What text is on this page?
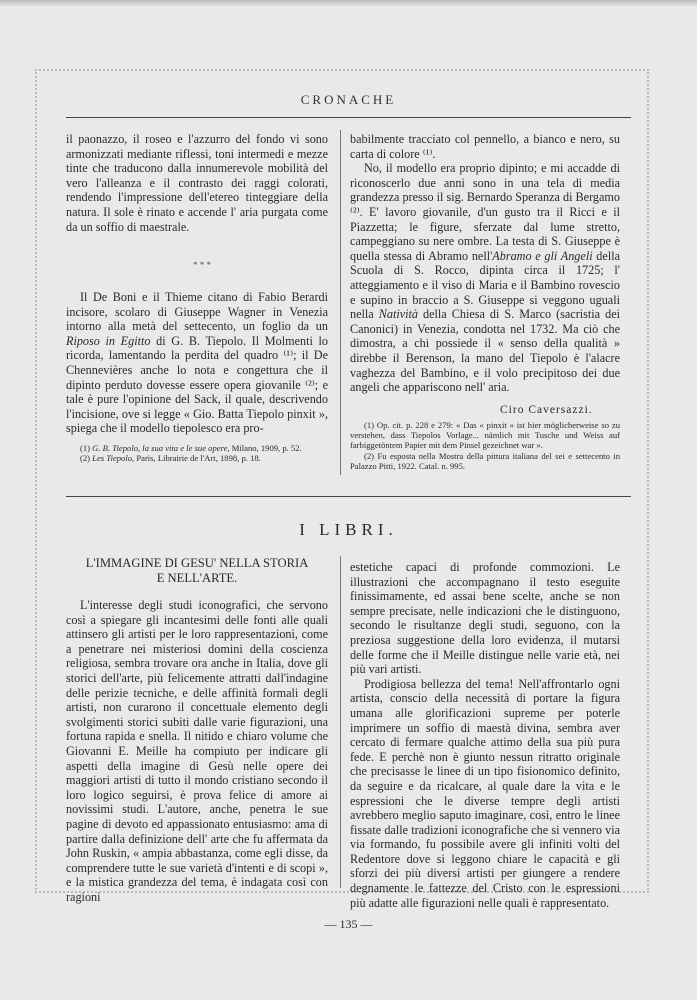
CRONACHE

il paonazzo, il roseo e l'azzurro del fondo vi sono armonizzati mediante riflessi, toni intermedi e mezze tinte che traducono dalla innumerevole mobilità del vero l'alleanza e il contrasto dei raggi colorati, rendendo l'impressione dell'etereo tinteggiare della natura. Il sole è rinato e accende l' aria purgata come da un soffio di maestrale.

* * *

Il De Boni e il Thieme citano di Fabio Berardi incisore, scolaro di Giuseppe Wagner in Venezia intorno alla metà del settecento, un foglio da un Riposo in Egitto di G. B. Tiepolo. Il Molmenti lo ricorda, lamentando la perdita del quadro ⁽¹⁾; il De Chennevières anche lo nota e congettura che il dipinto perduto dovesse essere opera giovanile ⁽²⁾; e tale è pure l'opinione del Sack, il quale, descrivendo l'incisione, ove si legge « Gio. Batta Tiepolo pinxit », spiega che il modello tiepolesco era pro-

(1) G. B. Tiepolo, la sua vita e le sue opere, Milano, 1909, p. 52.

(2) Les Tiepolo, Paris, Librairie de l'Art, 1898, p. 18.

babilmente tracciato col pennello, a bianco e nero, su carta di colore ⁽¹⁾.

No, il modello era proprio dipinto; e mi accadde di riconoscerlo due anni sono in una tela di media grandezza presso il sig. Bernardo Speranza di Bergamo ⁽²⁾. E' lavoro giovanile, d'un gusto tra il Ricci e il Piazzetta; le figure, sferzate dal lume stretto, campeggiano su nere ombre. La testa di S. Giuseppe è quella stessa di Abramo nell'Abramo e gli Angeli della Scuola di S. Rocco, dipinta circa il 1725; l' atteggiamento e il viso di Maria e il Bambino rovescio e supino in braccio a S. Giuseppe si veggono uguali nella Natività della Chiesa di S. Marco (sacristia dei Canonici) in Venezia, condotta nel 1732. Ma ciò che dimostra, a chi possiede il « senso della qualità » direbbe il Berenson, la mano del Tiepolo è l'alacre vaghezza del Bambino, e il volo precipitoso dei due angeli che appariscono nell' aria.

Ciro Caversazzi.

(1) Op. cit. p. 228 e 279: « Das « pinxit » ist hier möglicherweise so zu verstehen, dass Tiepolos Vorlage... nämlich mit Tusche und Weiss auf farbiggetöntem Papier mit dem Pinsel gezeichnet war ».

(2) Fu esposta nella Mostra della pittura italiana del sei e settecento in Palazzo Pitti, 1922. Catal. n. 995.

I LIBRI.
L'IMMAGINE DI GESU' NELLA STORIA
E NELL'ARTE.

L'interesse degli studi iconografici, che servono così a spiegare gli incantesimi delle fonti alle quali attinsero gli artisti per le loro rappresentazioni, come a penetrare nei misteriosi domini della coscienza religiosa, sembra trovare ora anche in Italia, dove gli storici dell'arte, più felicemente attratti dall'indagine delle perizie tecniche, e delle affinità formali degli artisti, non curarono il concettuale elemento degli svolgimenti storici subiti dalle varie figurazioni, una fortuna rapida e snella. Il nitido e chiaro volume che Giovanni E. Meille ha compiuto per indicare gli aspetti della imagine di Gesù nelle opere dei maggiori artisti di tutto il mondo cristiano secondo il loro logico seguirsi, è prova felice di amore ai novissimi studi. L'autore, anche, penetra le sue pagine di devoto ed appassionato entusiasmo: ama di partire dalla definizione dell' arte che fu affermata da John Ruskin, « ampia abbastanza, come egli disse, da comprendere tutte le sue varietà d'intenti e di scopi », e la mistica grandezza del tema, è indagata così con ragioni

estetiche capaci di profonde commozioni. Le illustrazioni che accompagnano il testo eseguite finissimamente, ed assai bene scelte, anche se non sempre precisate, nelle indicazioni che le distinguono, secondo le risultanze degli studi, seguono, con la preziosa suggestione della loro evidenza, il mutarsi delle forme che il Meille distingue nelle varie età, nei più vari artisti.

Prodigiosa bellezza del tema! Nell'affrontarlo ogni artista, conscio della necessità di portare la figura umana alle glorificazioni supreme per poterle imprimere un soffio di maestà divina, sembra aver cercato di fermare qualche attimo della sua più pura fede. E perchè non è giunto nessun ritratto originale che precisasse le linee di un tipo fisionomico definito, da seguire e da ricalcare, al quale dare la vita e le espressioni che le diverse tempre degli artisti avrebbero meglio saputo imaginare, così, entro le linee fissate dalle tradizioni iconografiche che si vennero via via formando, fu possibile avere gli infiniti volti del Redentore dove si leggono chiare le capacità e gli sforzi dei più diversi artisti per giungere a rendere degnamente le fattezze del Cristo con le espressioni più adatte alle figurazioni nelle quali è rappresentato.

— 135 —
